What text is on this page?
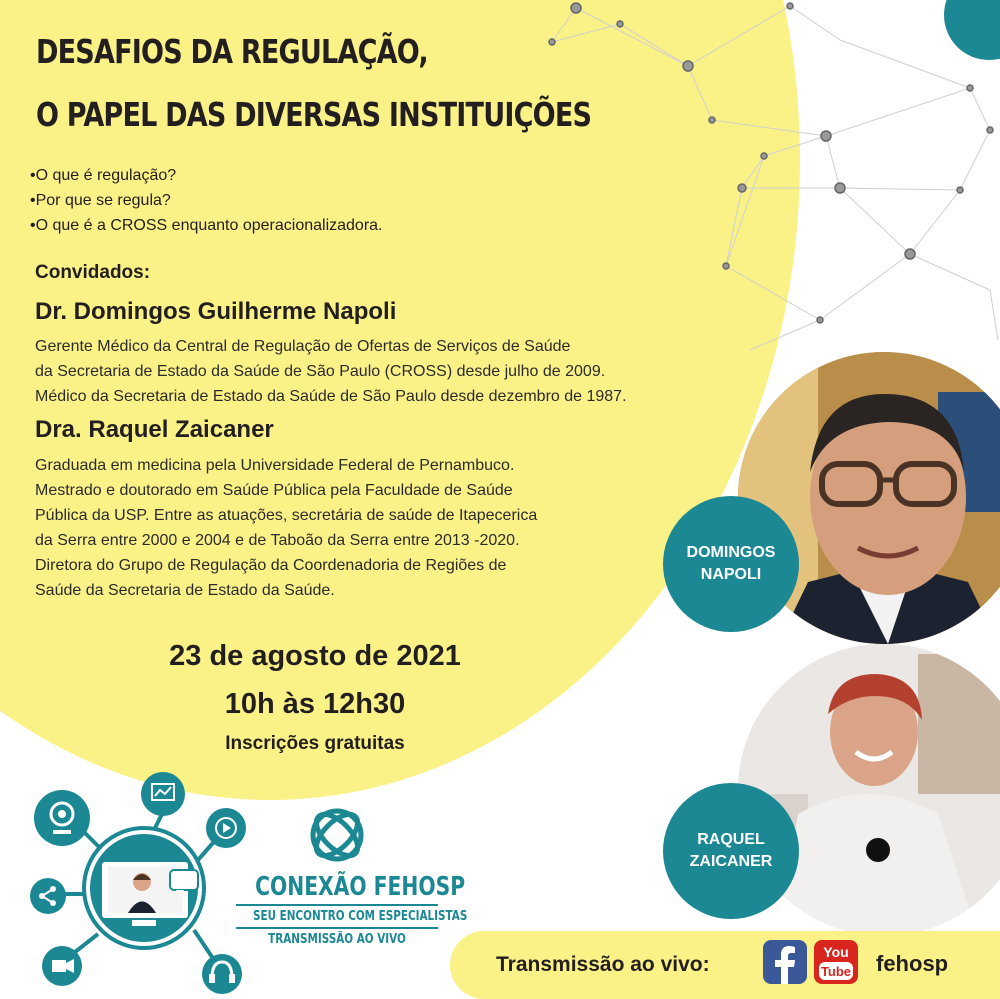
DESAFIOS DA REGULAÇÃO,
O PAPEL DAS DIVERSAS INSTITUIÇÕES
•O que é regulação?
•Por que se regula?
•O que é a CROSS enquanto operacionalizadora.
Convidados:
Dr. Domingos Guilherme Napoli
Gerente Médico da Central de Regulação de Ofertas de Serviços de Saúde
da Secretaria de Estado da Saúde de São Paulo (CROSS) desde julho de 2009.
Médico da Secretaria de Estado da Saúde de São Paulo desde dezembro de 1987.
Dra. Raquel Zaicaner
Graduada em medicina pela Universidade Federal de Pernambuco.
Mestrado e doutorado em Saúde Pública pela Faculdade de Saúde
Pública da USP. Entre as atuações, secretária de saúde de Itapecerica
da Serra entre 2000 e 2004 e de Taboão da Serra entre 2013 -2020.
Diretora do Grupo de Regulação da Coordenadoria de Regiões de
Saúde da Secretaria de Estado da Saúde.
23 de agosto de 2021
10h às 12h30
Inscrições gratuitas
DOMINGOS
NAPOLI
RAQUEL
ZAICANER
CONEXÃO FEHOSP
SEU ENCONTRO COM ESPECIALISTAS
TRANSMISSÃO AO VIVO
Transmissão ao vivo:
You
Tube fehosp
